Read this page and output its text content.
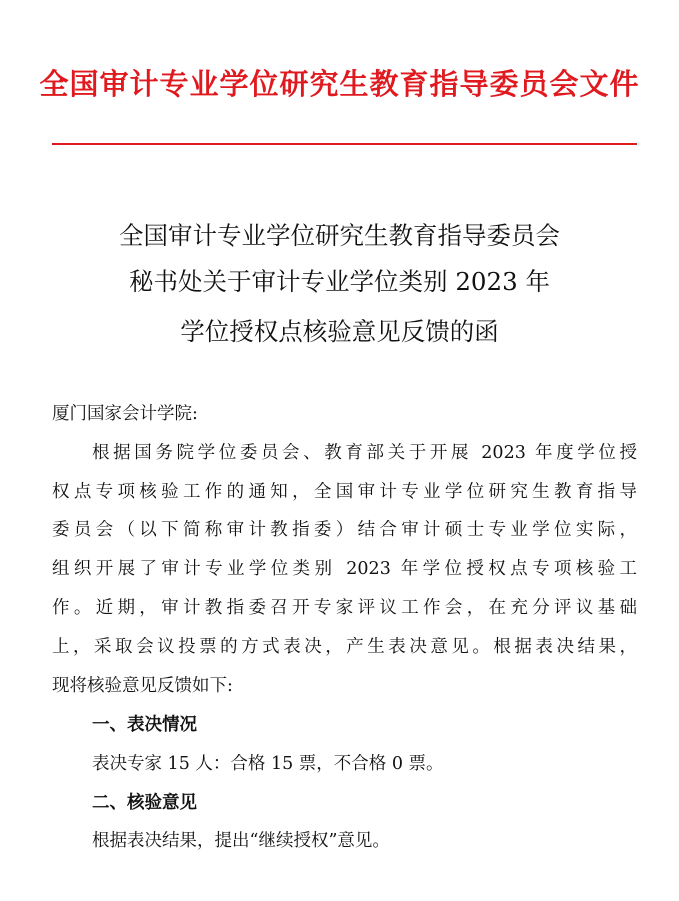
全国审计专业学位研究生教育指导委员会文件
全国审计专业学位研究生教育指导委员会
秘书处关于审计专业学位类别 2023 年
学位授权点核验意见反馈的函
厦门国家会计学院:
根据国务院学位委员会、教育部关于开展 2023 年度学位授
权点专项核验工作的通知，全国审计专业学位研究生教育指导
委员会（以下简称审计教指委）结合审计硕士专业学位实际，
组织开展了审计专业学位类别 2023 年学位授权点专项核验工
作。近期，审计教指委召开专家评议工作会，在充分评议基础
上，采取会议投票的方式表决，产生表决意见。根据表决结果，
现将核验意见反馈如下:
一、表决情况
表决专家 15 人：合格 15 票，不合格 0 票。
二、核验意见
根据表决结果，提出“继续授权”意见。
